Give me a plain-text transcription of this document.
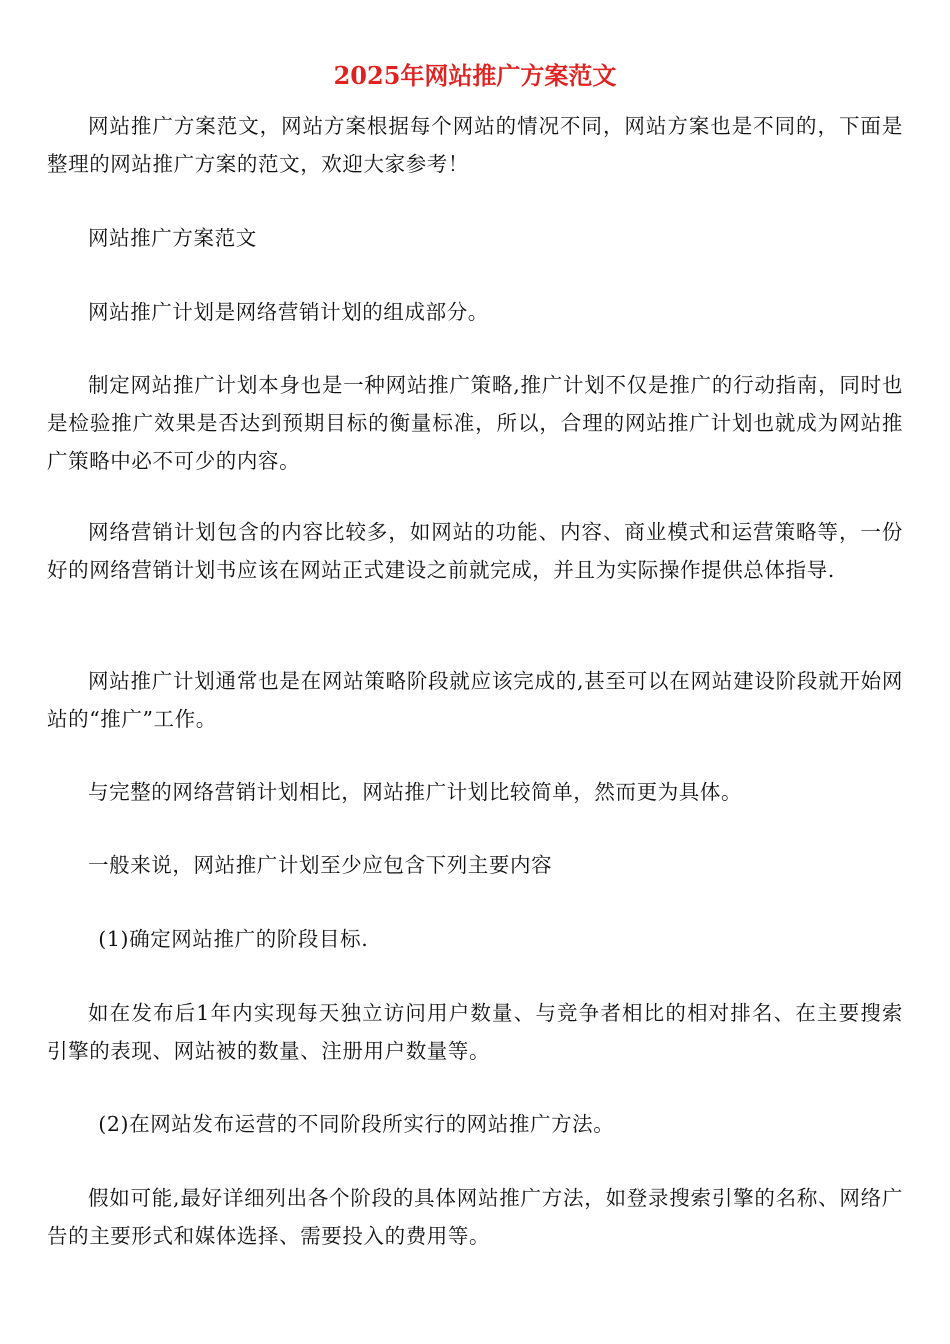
2025年网站推广方案范文

网站推广方案范文，网站方案根据每个网站的情况不同，网站方案也是不同的，下面是整理的网站推广方案的范文，欢迎大家参考！

网站推广方案范文

网站推广计划是网络营销计划的组成部分。

制定网站推广计划本身也是一种网站推广策略,推广计划不仅是推广的行动指南，同时也是检验推广效果是否达到预期目标的衡量标准，所以，合理的网站推广计划也就成为网站推广策略中必不可少的内容。

网络营销计划包含的内容比较多，如网站的功能、内容、商业模式和运营策略等，一份好的网络营销计划书应该在网站正式建设之前就完成，并且为实际操作提供总体指导.

网站推广计划通常也是在网站策略阶段就应该完成的,甚至可以在网站建设阶段就开始网站的“推广”工作。

与完整的网络营销计划相比，网站推广计划比较简单，然而更为具体。

一般来说，网站推广计划至少应包含下列主要内容

(1)确定网站推广的阶段目标.

如在发布后1年内实现每天独立访问用户数量、与竞争者相比的相对排名、在主要搜索引擎的表现、网站被的数量、注册用户数量等。

(2)在网站发布运营的不同阶段所实行的网站推广方法。

假如可能,最好详细列出各个阶段的具体网站推广方法，如登录搜索引擎的名称、网络广告的主要形式和媒体选择、需要投入的费用等。
